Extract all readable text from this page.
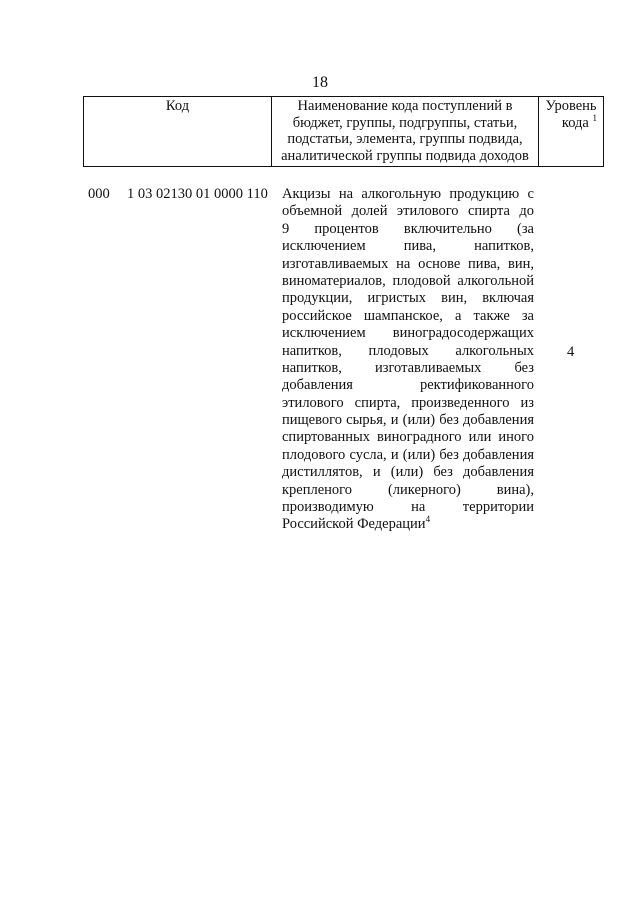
18
Код	Наименование кода поступлений в
бюджет, группы, подгруппы, статьи,
подстатьи, элемента, группы подвида,
аналитической группы подвида доходов
Уровень
кода $^1$
000 1 03 02130 01 0000 110 Акцизы на алкогольную продукцию с
объемной долей этилового спирта до
9 процентов включительно (за
исключением пива, напитков,
изготавливаемых на основе пива, вин,
виноматериалов, плодовой алкогольной
продукции, игристых вин, включая
российское шампанское, а также за
исключением виноградосодержащих
напитков, плодовых алкогольных
напитков, изготавливаемых без
добавления ректификованного
этилового спирта, произведенного из
пищевого сырья, и (или) без добавления
спиртованных виноградного или иного
плодового сусла, и (или) без добавления
дистиллятов, и (или) без добавления
крепленого (ликерного) вина),
производимую на территории
Российской Федерации$^4$
4
